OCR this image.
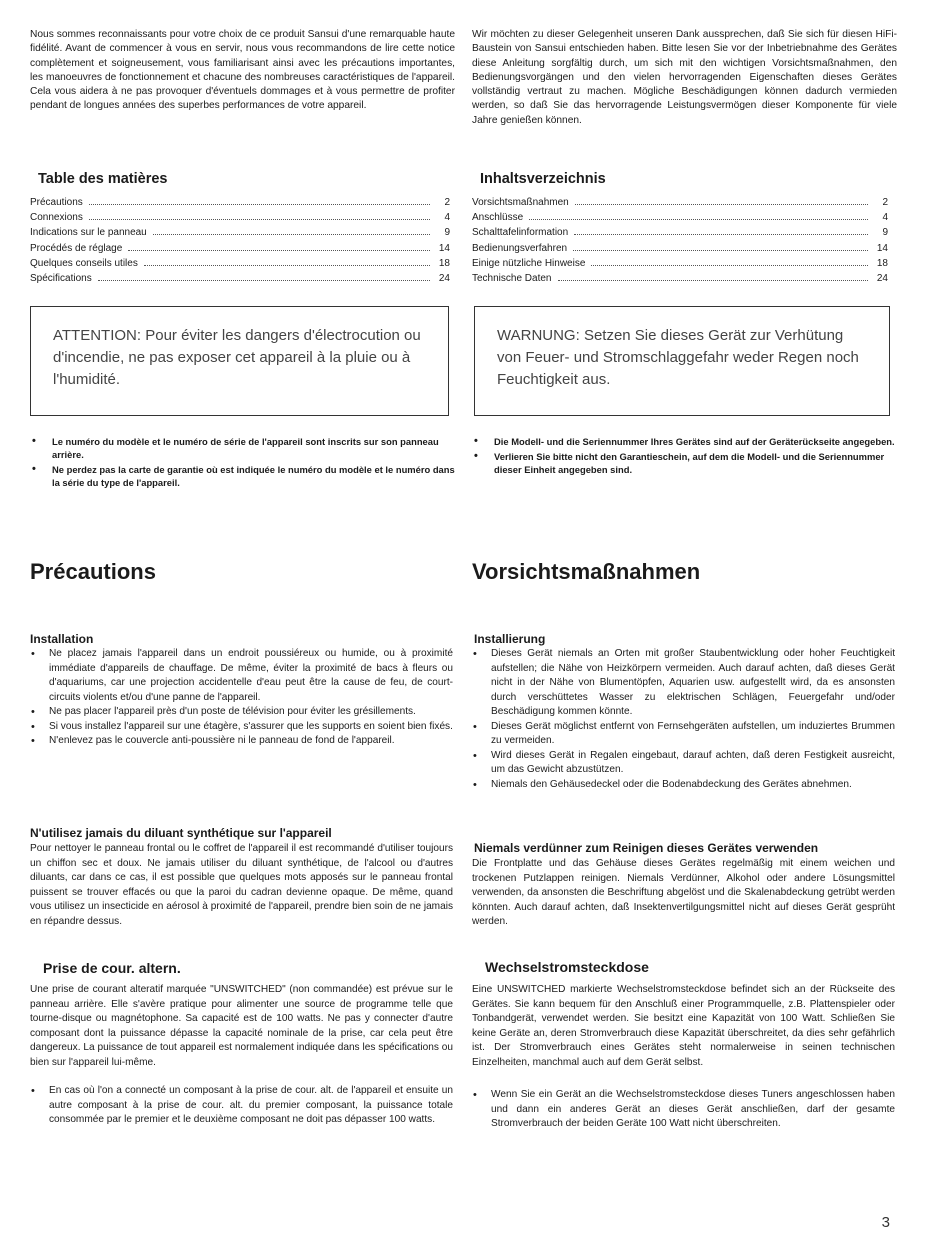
Nous sommes reconnaissants pour votre choix de ce produit Sansui d'une remarquable haute fidélité. Avant de commencer à vous en servir, nous vous recommandons de lire cette notice complètement et soigneusement, vous familiarisant ainsi avec les précautions importantes, les manoeuvres de fonctionnement et chacune des nombreuses caractéristiques de l'appareil. Cela vous aidera à ne pas provoquer d'éventuels dommages et à vous permettre de profiter pendant de longues années des superbes performances de votre appareil.

Table des matières
Précautions	2
Connexions	4
Indications sur le panneau	9
Procédés de réglage	14
Quelques conseils utiles	18
Spécifications	24

ATTENTION: Pour éviter les dangers d'électrocution ou d'incendie, ne pas exposer cet appareil à la pluie ou à l'humidité.

• Le numéro du modèle et le numéro de série de l'appareil sont inscrits sur son panneau arrière.
• Ne perdez pas la carte de garantie où est indiquée le numéro du modèle et le numéro dans la série du type de l'appareil.
Précautions
Installation
• Ne placez jamais l'appareil dans un endroit poussiéreux ou humide, ou à proximité immédiate d'appareils de chauffage. De même, éviter la proximité de bacs à fleurs ou d'aquariums, car une projection accidentelle d'eau peut être la cause de feu, de court-circuits violents et/ou d'une panne de l'appareil.
• Ne pas placer l'appareil près d'un poste de télévision pour éviter les grésillements.
• Si vous installez l'appareil sur une étagère, s'assurer que les supports en soient bien fixés.
• N'enlevez pas le couvercle anti-poussière ni le panneau de fond de l'appareil.
N'utilisez jamais du diluant synthétique sur l'appareil

Pour nettoyer le panneau frontal ou le coffret de l'appareil il est recommandé d'utiliser toujours un chiffon sec et doux. Ne jamais utiliser du diluant synthétique, de l'alcool ou d'autres diluants, car dans ce cas, il est possible que quelques mots apposés sur le panneau frontal puissent se trouver effacés ou que la paroi du cadran devienne opaque. De même, quand vous utilisez un insecticide en aérosol à proximité de l'appareil, prendre bien soin de ne jamais en répandre dessus.

Prise de cour. altern.

Une prise de courant alteratif marquée "UNSWITCHED" (non commandée) est prévue sur le panneau arrière. Elle s'avère pratique pour alimenter une source de programme telle que tourne-disque ou magnétophone. Sa capacité est de 100 watts. Ne pas y connecter d'autre composant dont la puissance dépasse la capacité nominale de la prise, car cela peut être dangereux. La puissance de tout appareil est normalement indiquée dans les spécifications ou bien sur l'appareil lui-même.

• En cas où l'on a connecté un composant à la prise de cour. alt. de l'appareil et ensuite un autre composant à la prise de cour. alt. du premier composant, la puissance totale consommée par le premier et le deuxième composant ne doit pas dépasser 100 watts.

Wir möchten zu dieser Gelegenheit unseren Dank aussprechen, daß Sie sich für diesen HiFi-Baustein von Sansui entschieden haben. Bitte lesen Sie vor der Inbetriebnahme des Gerätes diese Anleitung sorgfältig durch, um sich mit den wichtigen Vorsichtsmaßnahmen, den Bedienungsvorgängen und den vielen hervorragenden Eigenschaften dieses Gerätes vollständig vertraut zu machen. Mögliche Beschädigungen können dadurch vermieden werden, so daß Sie das hervorragende Leistungsvermögen dieser Komponente für viele Jahre genießen können.

Inhaltsverzeichnis
Vorsichtsmaßnahmen	2
Anschlüsse	4
Schalttafelinformation	9
Bedienungsverfahren	14
Einige nützliche Hinweise	18
Technische Daten	24

WARNUNG: Setzen Sie dieses Gerät zur Verhütung von Feuer- und Stromschlaggefahr weder Regen noch Feuchtigkeit aus.

• Die Modell- und die Seriennummer Ihres Gerätes sind auf der Geräterückseite angegeben.
• Verlieren Sie bitte nicht den Garantieschein, auf dem die Modell- und die Seriennummer dieser Einheit angegeben sind.
Vorsichtsmaßnahmen
Installierung
• Dieses Gerät niemals an Orten mit großer Staubentwicklung oder hoher Feuchtigkeit aufstellen; die Nähe von Heizkörpern vermeiden. Auch darauf achten, daß dieses Gerät nicht in der Nähe von Blumentöpfen, Aquarien usw. aufgestellt wird, da es ansonsten durch verschüttetes Wasser zu elektrischen Schlägen, Feuergefahr und/oder Beschädigung kommen könnte.
• Dieses Gerät möglichst entfernt von Fernsehgeräten aufstellen, um induziertes Brummen zu vermeiden.
• Wird dieses Gerät in Regalen eingebaut, darauf achten, daß deren Festigkeit ausreicht, um das Gewicht abzustützen.
• Niemals den Gehäusedeckel oder die Bodenabdeckung des Gerätes abnehmen.
Niemals verdünner zum Reinigen dieses Gerätes verwenden

Die Frontplatte und das Gehäuse dieses Gerätes regelmäßig mit einem weichen und trockenen Putzlappen reinigen. Niemals Verdünner, Alkohol oder andere Lösungsmittel verwenden, da ansonsten die Beschriftung abgelöst und die Skalenabdeckung getrübt werden könnten. Auch darauf achten, daß Insektenvertilgungsmittel nicht auf dieses Gerät gesprüht werden.

Wechselstromsteckdose

Eine UNSWITCHED markierte Wechselstromsteckdose befindet sich an der Rückseite des Gerätes. Sie kann bequem für den Anschluß einer Programmquelle, z.B. Plattenspieler oder Tonbandgerät, verwendet werden. Sie besitzt eine Kapazität von 100 Watt. Schließen Sie keine Geräte an, deren Stromverbrauch diese Kapazität überschreitet, da dies sehr gefährlich ist. Der Stromverbrauch eines Gerätes steht normalerweise in seinen technischen Einzelheiten, manchmal auch auf dem Gerät selbst.

• Wenn Sie ein Gerät an die Wechselstromsteckdose dieses Tuners angeschlossen haben und dann ein anderes Gerät an dieses Gerät anschließen, darf der gesamte Stromverbrauch der beiden Geräte 100 Watt nicht überschreiten.
3
